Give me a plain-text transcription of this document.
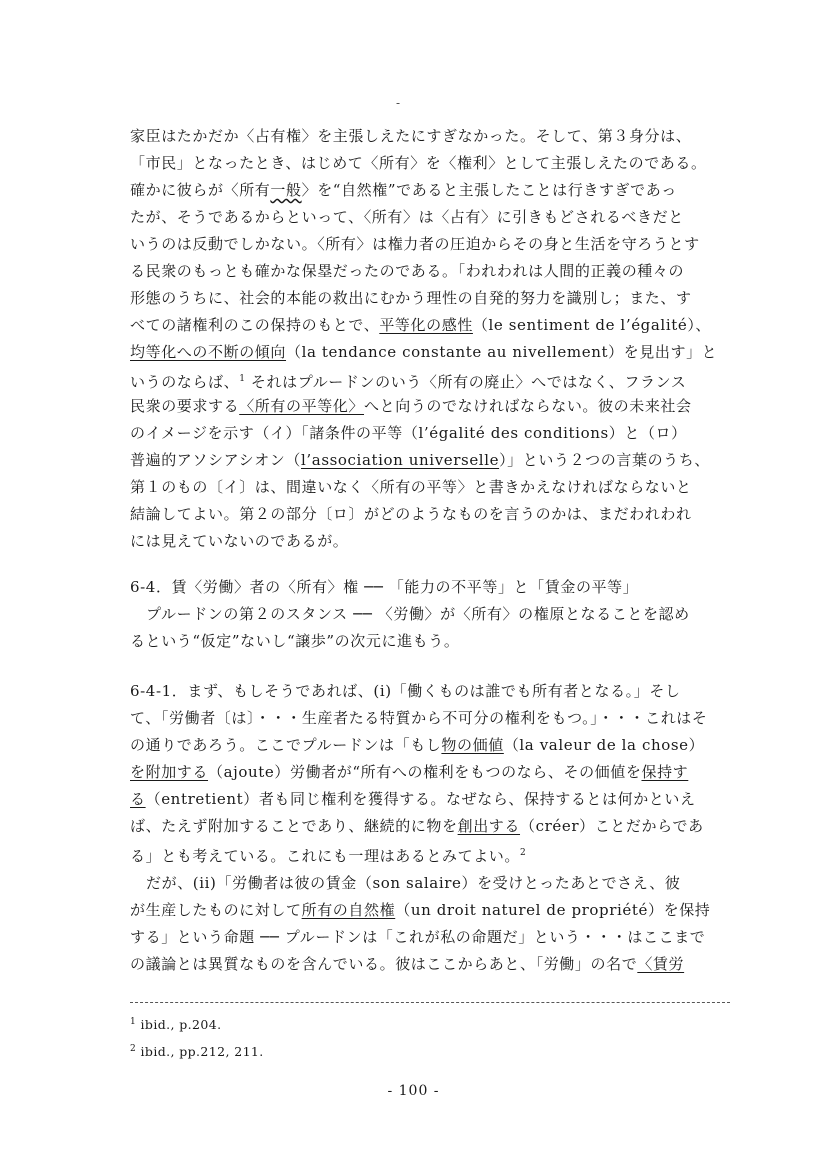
-
家臣はたかだか〈占有権〉を主張しえたにすぎなかった。そして、第３身分は、
「市民」となったとき、はじめて〈所有〉を〈権利〉として主張しえたのである。
確かに彼らが〈所有一般〉を“自然権”であると主張したことは行きすぎであっ
たが、そうであるからといって、〈所有〉は〈占有〉に引きもどされるべきだと
いうのは反動でしかない。〈所有〉は権力者の圧迫からその身と生活を守ろうとす
る民衆のもっとも確かな保塁だったのである。「われわれは人間的正義の種々の
形態のうちに、社会的本能の救出にむかう理性の自発的努力を識別し；また、す
べての諸権利のこの保持のもとで、平等化の感性（le sentiment de l’égalité）、
均等化への不断の傾向（la tendance constante au nivellement）を見出す」と
いうのならば、$^1$ それはプルードンのいう〈所有の廃止〉へではなく、フランス
民衆の要求する〈所有の平等化〉へと向うのでなければならない。彼の未来社会
のイメージを示す（イ）「諸条件の平等（l’égalité des conditions）と（ロ）
普遍的アソシアシオン（l’association universelle）」という２つの言葉のうち、
第１のもの〔イ〕は、間違いなく〈所有の平等〉と書きかえなければならないと
結論してよい。第２の部分〔ロ〕がどのようなものを言うのかは、まだわれわれ
には見えていないのであるが。
6-4．賃〈労働〉者の〈所有〉権 ── 「能力の不平等」と「賃金の平等」
プルードンの第２のスタンス ── 〈労働〉が〈所有〉の権原となることを認め
るという“仮定”ないし“譲歩”の次元に進もう。
6-4-1．まず、もしそうであれば、(i)「働くものは誰でも所有者となる。」そし
て、「労働者〔は〕・・・生産者たる特質から不可分の権利をもつ。」・・・これはそ
の通りであろう。ここでプルードンは「もし物の価値（la valeur de la chose）
を附加する（ajoute）労働者が“所有への権利をもつのなら、その価値を保持す
る（entretient）者も同じ権利を獲得する。なぜなら、保持するとは何かといえ
ば、たえず附加することであり、継続的に物を創出する（créer）ことだからであ
る」とも考えている。これにも一理はあるとみてよい。$^2$
だが、(ii)「労働者は彼の賃金（son salaire）を受けとったあとでさえ、彼
が生産したものに対して所有の自然権（un droit naturel de propriété）を保持
する」という命題 ── プルードンは「これが私の命題だ」という・・・はここまで
の議論とは異質なものを含んでいる。彼はここからあと、「労働」の名で〈賃労
$^1$ ibid., p.204.
$^2$ ibid., pp.212, 211.
- 100 -
